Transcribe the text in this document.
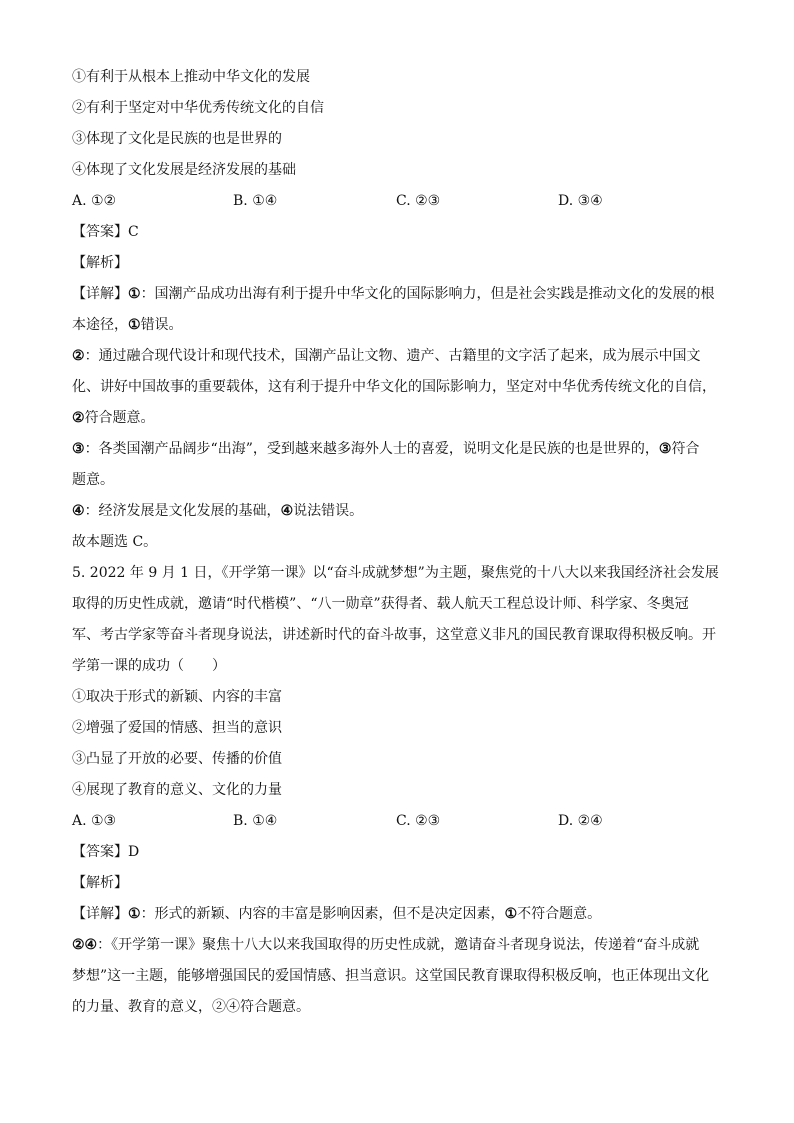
①有利于从根本上推动中华文化的发展
②有利于坚定对中华优秀传统文化的自信
③体现了文化是民族的也是世界的
④体现了文化发展是经济发展的基础
A. ①②	B. ①④	C. ②③	D. ③④
【答案】C
【解析】
【详解】①：国潮产品成功出海有利于提升中华文化的国际影响力，但是社会实践是推动文化的发展的根
本途径，①错误。
②：通过融合现代设计和现代技术，国潮产品让文物、遗产、古籍里的文字活了起来，成为展示中国文
化、讲好中国故事的重要载体，这有利于提升中华文化的国际影响力，坚定对中华优秀传统文化的自信，
②符合题意。
③：各类国潮产品阔步“出海”，受到越来越多海外人士的喜爱，说明文化是民族的也是世界的，③符合
题意。
④：经济发展是文化发展的基础，④说法错误。
故本题选 C。
5. 2022 年 9 月 1 日，《开学第一课》以“奋斗成就梦想”为主题，聚焦党的十八大以来我国经济社会发展
取得的历史性成就，邀请“时代楷模”、“八一勋章”获得者、载人航天工程总设计师、科学家、冬奥冠
军、考古学家等奋斗者现身说法，讲述新时代的奋斗故事，这堂意义非凡的国民教育课取得积极反响。开
学第一课的成功（　　）
①取决于形式的新颖、内容的丰富
②增强了爱国的情感、担当的意识
③凸显了开放的必要、传播的价值
④展现了教育的意义、文化的力量
A. ①③	B. ①④	C. ②③	D. ②④
【答案】D
【解析】
【详解】①：形式的新颖、内容的丰富是影响因素，但不是决定因素，①不符合题意。
②④：《开学第一课》聚焦十八大以来我国取得的历史性成就，邀请奋斗者现身说法，传递着“奋斗成就
梦想”这一主题，能够增强国民的爱国情感、担当意识。这堂国民教育课取得积极反响，也正体现出文化
的力量、教育的意义，②④符合题意。
